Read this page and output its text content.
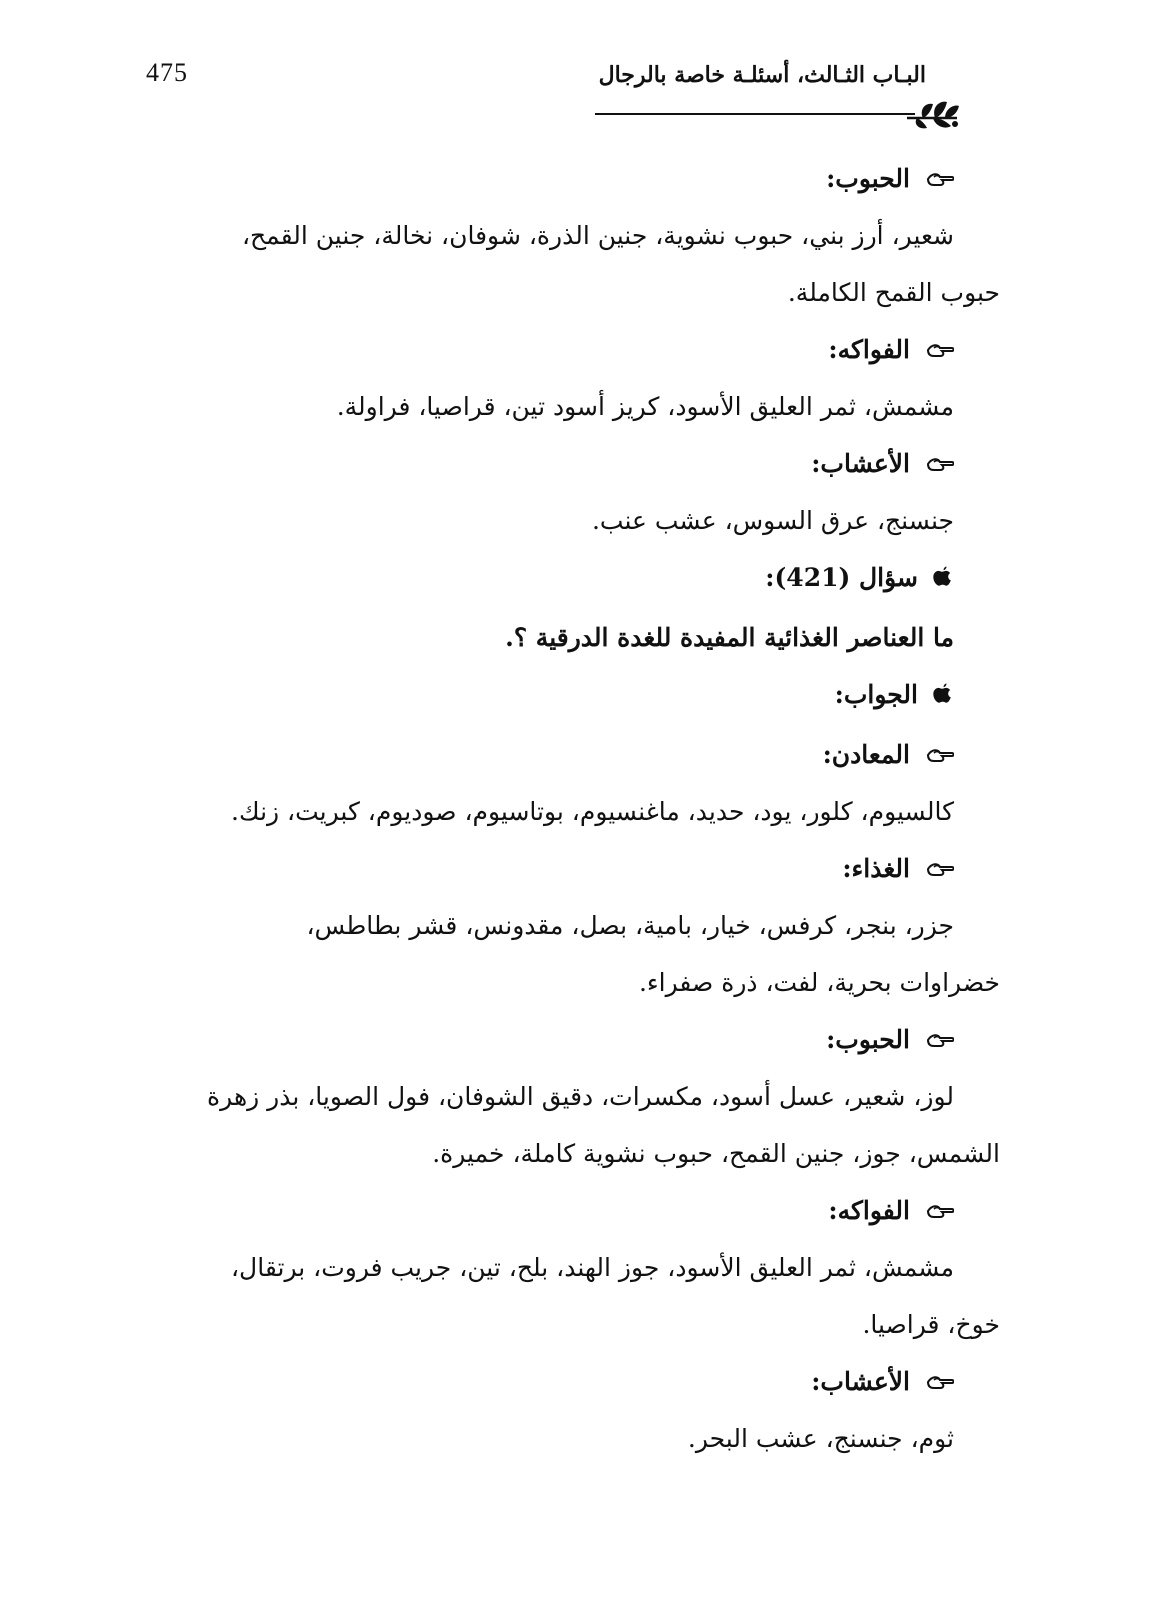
475	البـاب الثـالث، أسئلـة خاصة بالرجال

الحبوب:

شعير، أرز بني، حبوب نشوية، جنين الذرة، شوفان، نخالة، جنين القمح،
حبوب القمح الكاملة.

الفواكه:

مشمش، ثمر العليق الأسود، كريز أسود تين، قراصيا، فراولة.

الأعشاب:

جنسنج، عرق السوس، عشب عنب.

سؤال (421):

ما العناصر الغذائية المفيدة للغدة الدرقية ؟.

الجواب:

المعادن:

كالسيوم، كلور، يود، حديد، ماغنسيوم، بوتاسيوم، صوديوم، كبريت، زنك.

الغذاء:

جزر، بنجر، كرفس، خيار، بامية، بصل، مقدونس، قشر بطاطس،
خضراوات بحرية، لفت، ذرة صفراء.

الحبوب:

لوز، شعير، عسل أسود، مكسرات، دقيق الشوفان، فول الصويا، بذر زهرة
الشمس، جوز، جنين القمح، حبوب نشوية كاملة، خميرة.

الفواكه:

مشمش، ثمر العليق الأسود، جوز الهند، بلح، تين، جريب فروت، برتقال،
خوخ، قراصيا.

الأعشاب:

ثوم، جنسنج، عشب البحر.
